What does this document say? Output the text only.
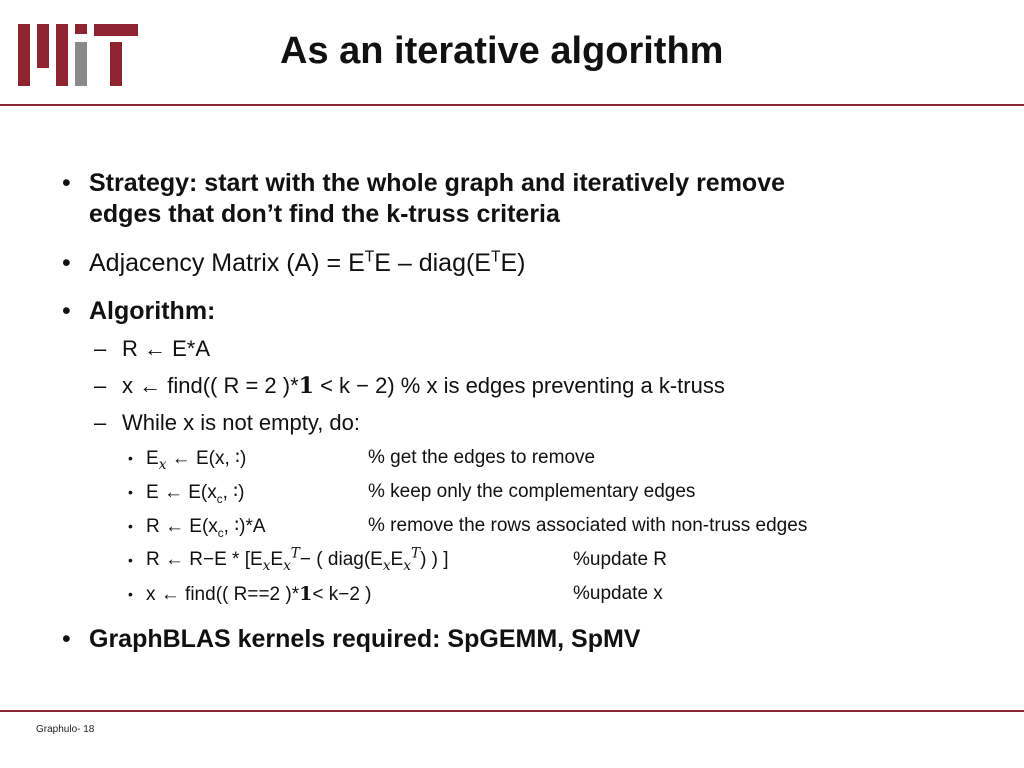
As an iterative algorithm
• Strategy: start with the whole graph and iteratively remove
edges that don’t find the k-truss criteria
• Adjacency Matrix $(A) = E^TE$ – $diag(E^TE)$
• Algorithm:
– R ← E*A
– x ← find(( R = 2 )*1 < k − 2) % x is edges preventing a k-truss
– While x is not empty, do:
• $E_x$ ← E(x, ∶)	% get the edges to remove
• E ← $E(x_c$, ∶)	% keep only the complementary edges
• R ← $E(x_c$, ∶)*A	% remove the rows associated with non-truss edges
• R ← $R-E * [E_xE_x^T-$ ( $diag(E_xE_x^T)$ ) ]	%update R
• x ← find(( R==2 )*1< k−2 )	%update x
• GraphBLAS kernels required: SpGEMM, SpMV
Graphulo- 18
